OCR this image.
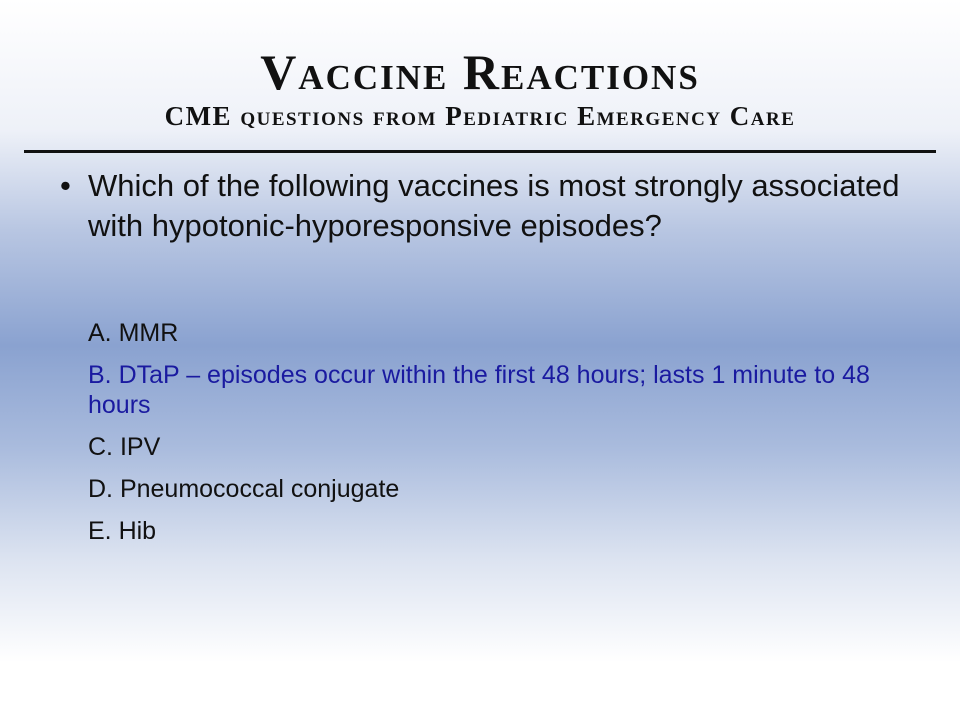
Vaccine Reactions
CME questions from Pediatric Emergency Care

• Which of the following vaccines is most strongly associated with hypotonic-hyporesponsive episodes?

A. MMR

B. DTaP – episodes occur within the first 48 hours; lasts 1 minute to 48 hours

C. IPV

D. Pneumococcal conjugate

E. Hib
